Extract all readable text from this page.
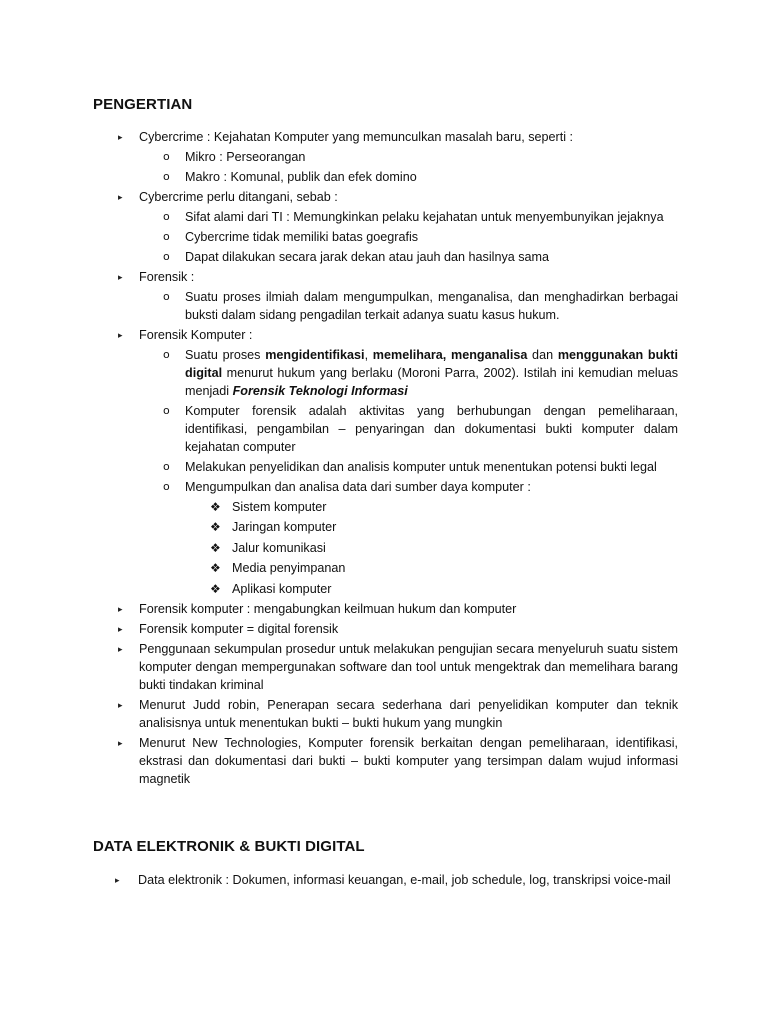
PENGERTIAN
▸ Cybercrime : Kejahatan Komputer yang memunculkan masalah baru, seperti :
o Mikro : Perseorangan
o Makro : Komunal, publik dan efek domino
▸ Cybercrime perlu ditangani, sebab :
o Sifat alami dari TI : Memungkinkan pelaku kejahatan untuk menyembunyikan jejaknya
o Cybercrime tidak memiliki batas goegrafis
o Dapat dilakukan secara jarak dekan atau jauh dan hasilnya sama
▸ Forensik :
o Suatu proses ilmiah dalam mengumpulkan, menganalisa, dan menghadirkan berbagai buksti dalam sidang pengadilan terkait adanya suatu kasus hukum.
▸ Forensik Komputer :
o Suatu proses mengidentifikasi, memelihara, menganalisa dan menggunakan bukti digital menurut hukum yang berlaku (Moroni Parra, 2002). Istilah ini kemudian meluas menjadi Forensik Teknologi Informasi
o Komputer forensik adalah aktivitas yang berhubungan dengan pemeliharaan, identifikasi, pengambilan – penyaringan dan dokumentasi bukti komputer dalam kejahatan computer
o Melakukan penyelidikan dan analisis komputer untuk menentukan potensi bukti legal
o Mengumpulkan dan analisa data dari sumber daya komputer :
❖ Sistem komputer
❖ Jaringan komputer
❖ Jalur komunikasi
❖ Media penyimpanan
❖ Aplikasi komputer
▸ Forensik komputer : mengabungkan keilmuan hukum dan komputer
▸ Forensik komputer = digital forensik
▸ Penggunaan sekumpulan prosedur untuk melakukan pengujian secara menyeluruh suatu sistem komputer dengan mempergunakan software dan tool untuk mengektrak dan memelihara barang bukti tindakan kriminal
▸ Menurut Judd robin, Penerapan secara sederhana dari penyelidikan komputer dan teknik analisisnya untuk menentukan bukti – bukti hukum yang mungkin
▸ Menurut New Technologies, Komputer forensik berkaitan dengan pemeliharaan, identifikasi, ekstrasi dan dokumentasi dari bukti – bukti komputer yang tersimpan dalam wujud informasi magnetik
DATA ELEKTRONIK & BUKTI DIGITAL
▸ Data elektronik : Dokumen, informasi keuangan, e-mail, job schedule, log, transkripsi voice-mail
